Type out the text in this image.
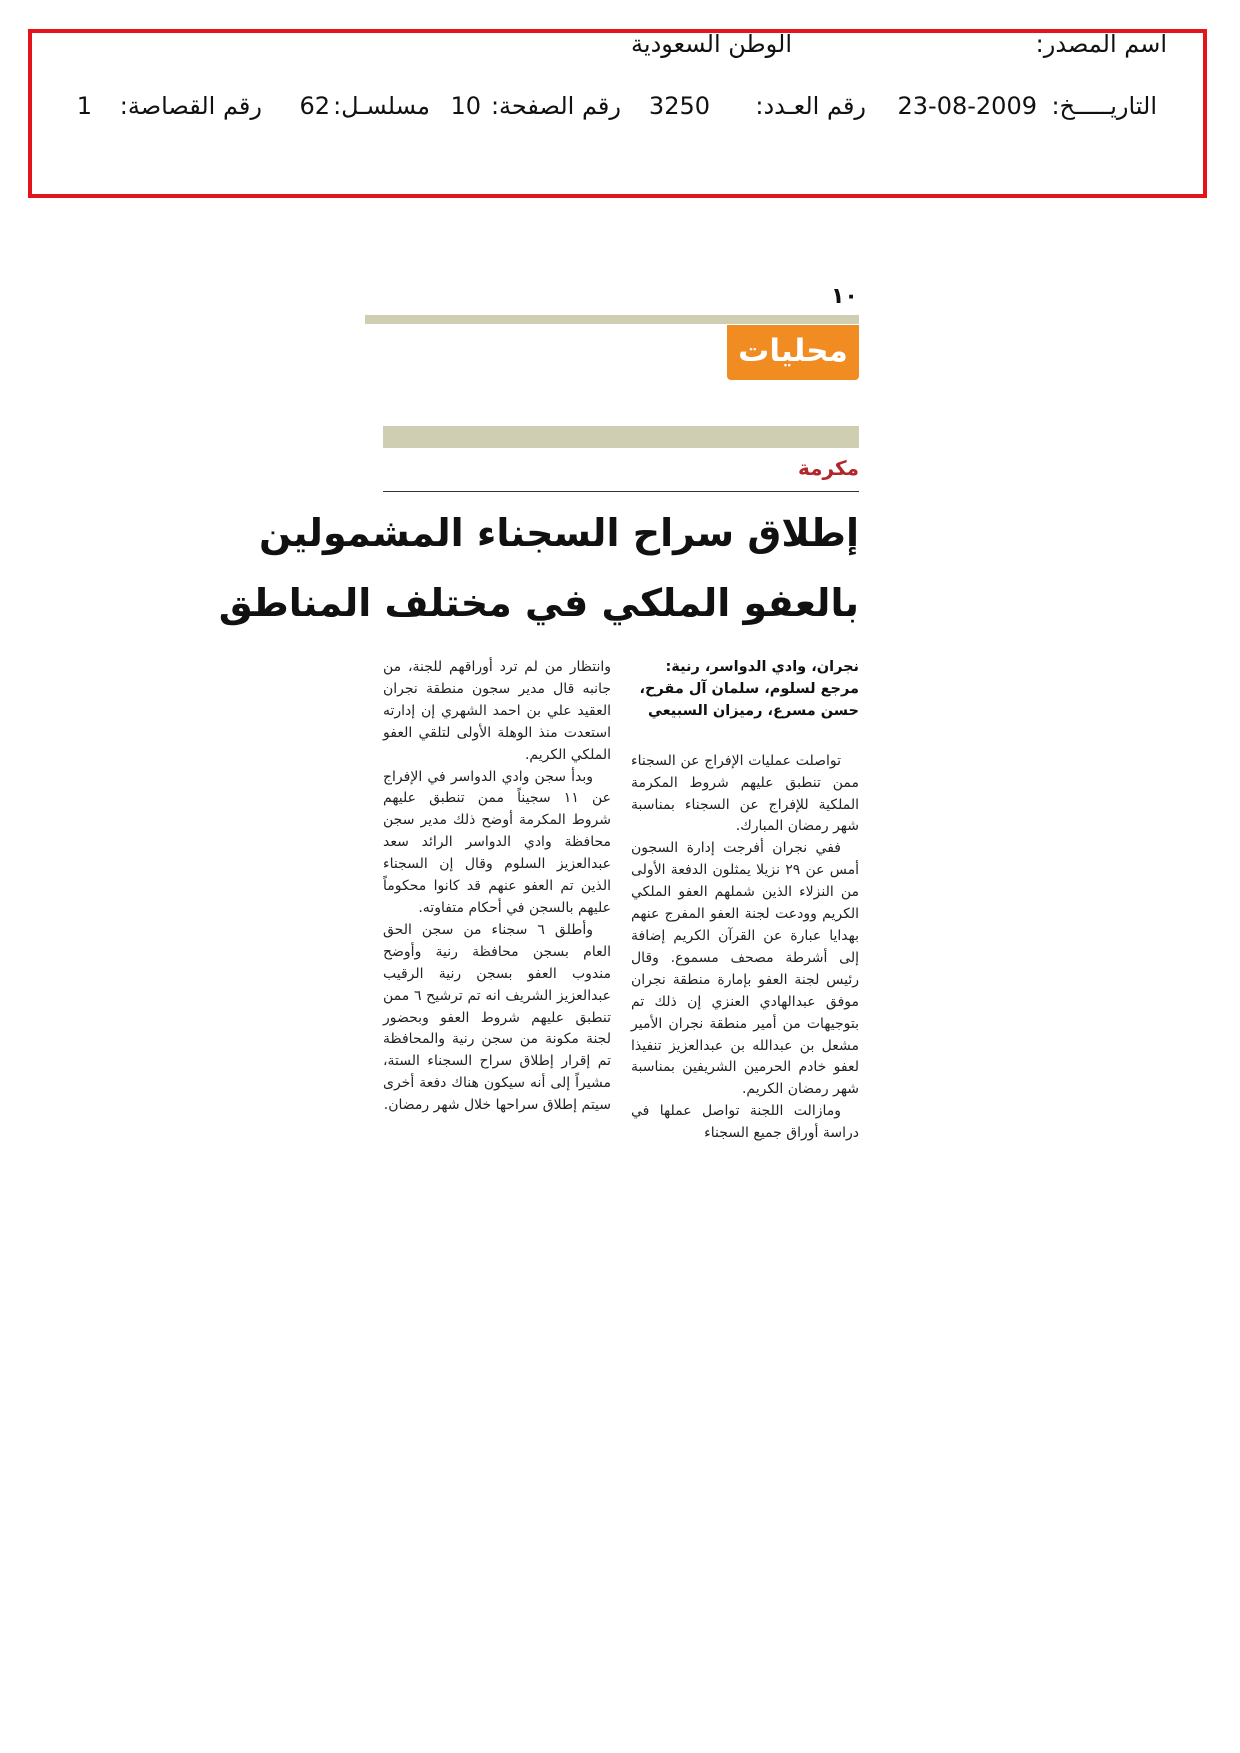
اسم المصدر:
الوطن السعودية
التاريـــــخ:
23-08-2009
رقم العـدد:
3250
رقم الصفحة:
10
مسلسـل:
62
رقم القصاصة:
1
١٠
محليات
مكرمة
إطلاق سراح السجناء المشمولين
بالعفو الملكي في مختلف المناطق
نجران، وادي الدواسر، رنية:
مرجع لسلوم، سلمان آل مقرح،
حسن مسرع، رميزان السبيعي

تواصلت عمليات الإفراج عن السجناء ممن تنطبق عليهم شروط المكرمة الملكية للإفراج عن السجناء بمناسبة شهر رمضان المبارك.

ففي نجران أفرجت إدارة السجون أمس عن ٢٩ نزيلا يمثلون الدفعة الأولى من النزلاء الذين شملهم العفو الملكي الكريم وودعت لجنة العفو المفرج عنهم بهدايا عبارة عن القرآن الكريم إضافة إلى أشرطة مصحف مسموع. وقال رئيس لجنة العفو بإمارة منطقة نجران موفق عبدالهادي العنزي إن ذلك تم بتوجيهات من أمير منطقة نجران الأمير مشعل بن عبدالله بن عبدالعزيز تنفيذا لعفو خادم الحرمين الشريفين بمناسبة شهر رمضان الكريم.

ومازالت اللجنة تواصل عملها في دراسة أوراق جميع السجناء

وانتظار من لم ترد أوراقهم للجنة، من جانبه قال مدير سجون منطقة نجران العقيد علي بن احمد الشهري إن إدارته استعدت منذ الوهلة الأولى لتلقي العفو الملكي الكريم.

وبدأ سجن وادي الدواسر في الإفراج عن ١١ سجيناً ممن تنطبق عليهم شروط المكرمة أوضح ذلك مدير سجن محافظة وادي الدواسر الرائد سعد عبدالعزيز السلوم وقال إن السجناء الذين تم العفو عنهم قد كانوا محكوماً عليهم بالسجن في أحكام متفاوته.

وأطلق ٦ سجناء من سجن الحق العام بسجن محافظة رنية وأوضح مندوب العفو بسجن رنية الرقيب عبدالعزيز الشريف انه تم ترشيح ٦ ممن تنطبق عليهم شروط العفو وبحضور لجنة مكونة من سجن رنية والمحافظة تم إقرار إطلاق سراح السجناء الستة، مشيراً إلى أنه سيكون هناك دفعة أخرى سيتم إطلاق سراحها خلال شهر رمضان.
